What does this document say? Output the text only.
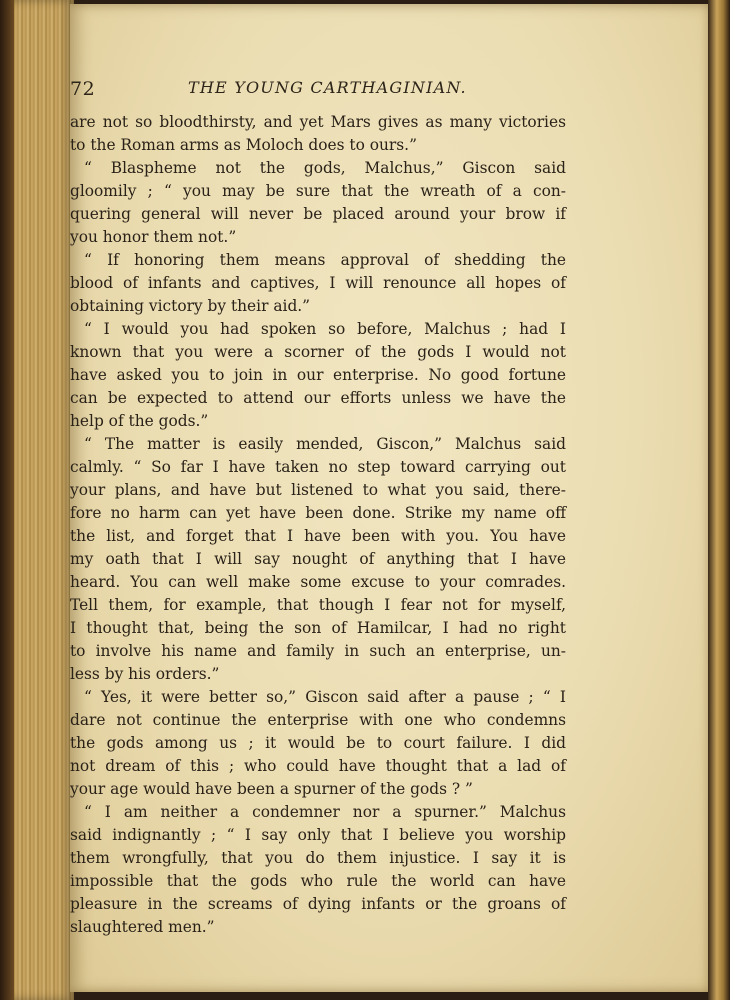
72	THE YOUNG CARTHAGINIAN.
are not so bloodthirsty, and yet Mars gives as many victories
to the Roman arms as Moloch does to ours.”
“ Blaspheme not the gods, Malchus,” Giscon said
gloomily ; “ you may be sure that the wreath of a con-
quering general will never be placed around your brow if
you honor them not.”
“ If honoring them means approval of shedding the
blood of infants and captives, I will renounce all hopes of
obtaining victory by their aid.”
“ I would you had spoken so before, Malchus ; had I
known that you were a scorner of the gods I would not
have asked you to join in our enterprise. No good fortune
can be expected to attend our efforts unless we have the
help of the gods.”
“ The matter is easily mended, Giscon,” Malchus said
calmly. “ So far I have taken no step toward carrying out
your plans, and have but listened to what you said, there-
fore no harm can yet have been done. Strike my name off
the list, and forget that I have been with you. You have
my oath that I will say nought of anything that I have
heard. You can well make some excuse to your comrades.
Tell them, for example, that though I fear not for myself,
I thought that, being the son of Hamilcar, I had no right
to involve his name and family in such an enterprise, un-
less by his orders.”
“ Yes, it were better so,” Giscon said after a pause ; “ I
dare not continue the enterprise with one who condemns
the gods among us ; it would be to court failure. I did
not dream of this ; who could have thought that a lad of
your age would have been a spurner of the gods ? ”
“ I am neither a condemner nor a spurner.” Malchus
said indignantly ; “ I say only that I believe you worship
them wrongfully, that you do them injustice. I say it is
impossible that the gods who rule the world can have
pleasure in the screams of dying infants or the groans of
slaughtered men.”
